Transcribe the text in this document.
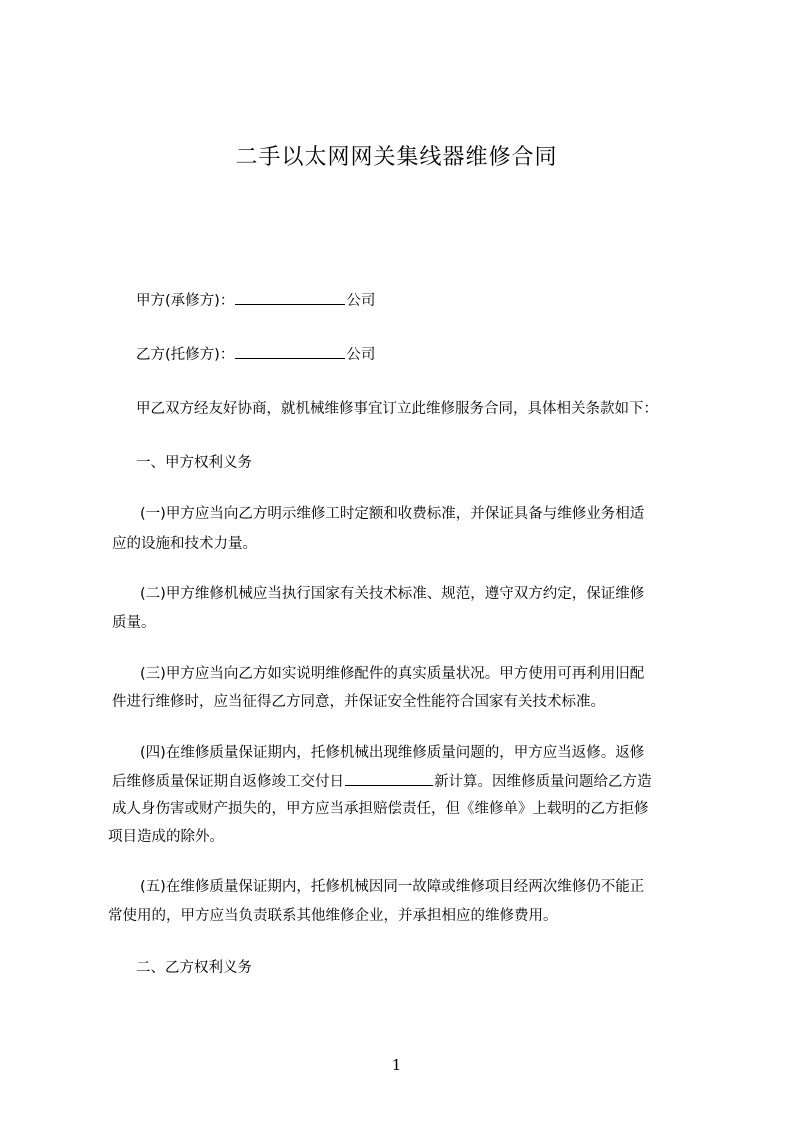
二手以太网网关集线器维修合同
甲方(承修方)：	公司
乙方(托修方)：	公司
甲乙双方经友好协商，就机械维修事宜订立此维修服务合同，具体相关条款如下：
一、甲方权利义务
(一)甲方应当向乙方明示维修工时定额和收费标准，并保证具备与维修业务相适
应的设施和技术力量。
(二)甲方维修机械应当执行国家有关技术标准、规范，遵守双方约定，保证维修
质量。
(三)甲方应当向乙方如实说明维修配件的真实质量状况。甲方使用可再利用旧配
件进行维修时，应当征得乙方同意，并保证安全性能符合国家有关技术标准。
(四)在维修质量保证期内，托修机械出现维修质量问题的，甲方应当返修。返修
后维修质量保证期自返修竣工交付日	新计算。因维修质量问题给乙方造
成人身伤害或财产损失的，甲方应当承担赔偿责任，但《维修单》上载明的乙方拒修
项目造成的除外。
(五)在维修质量保证期内，托修机械因同一故障或维修项目经两次维修仍不能正
常使用的，甲方应当负责联系其他维修企业，并承担相应的维修费用。
二、乙方权利义务
1
